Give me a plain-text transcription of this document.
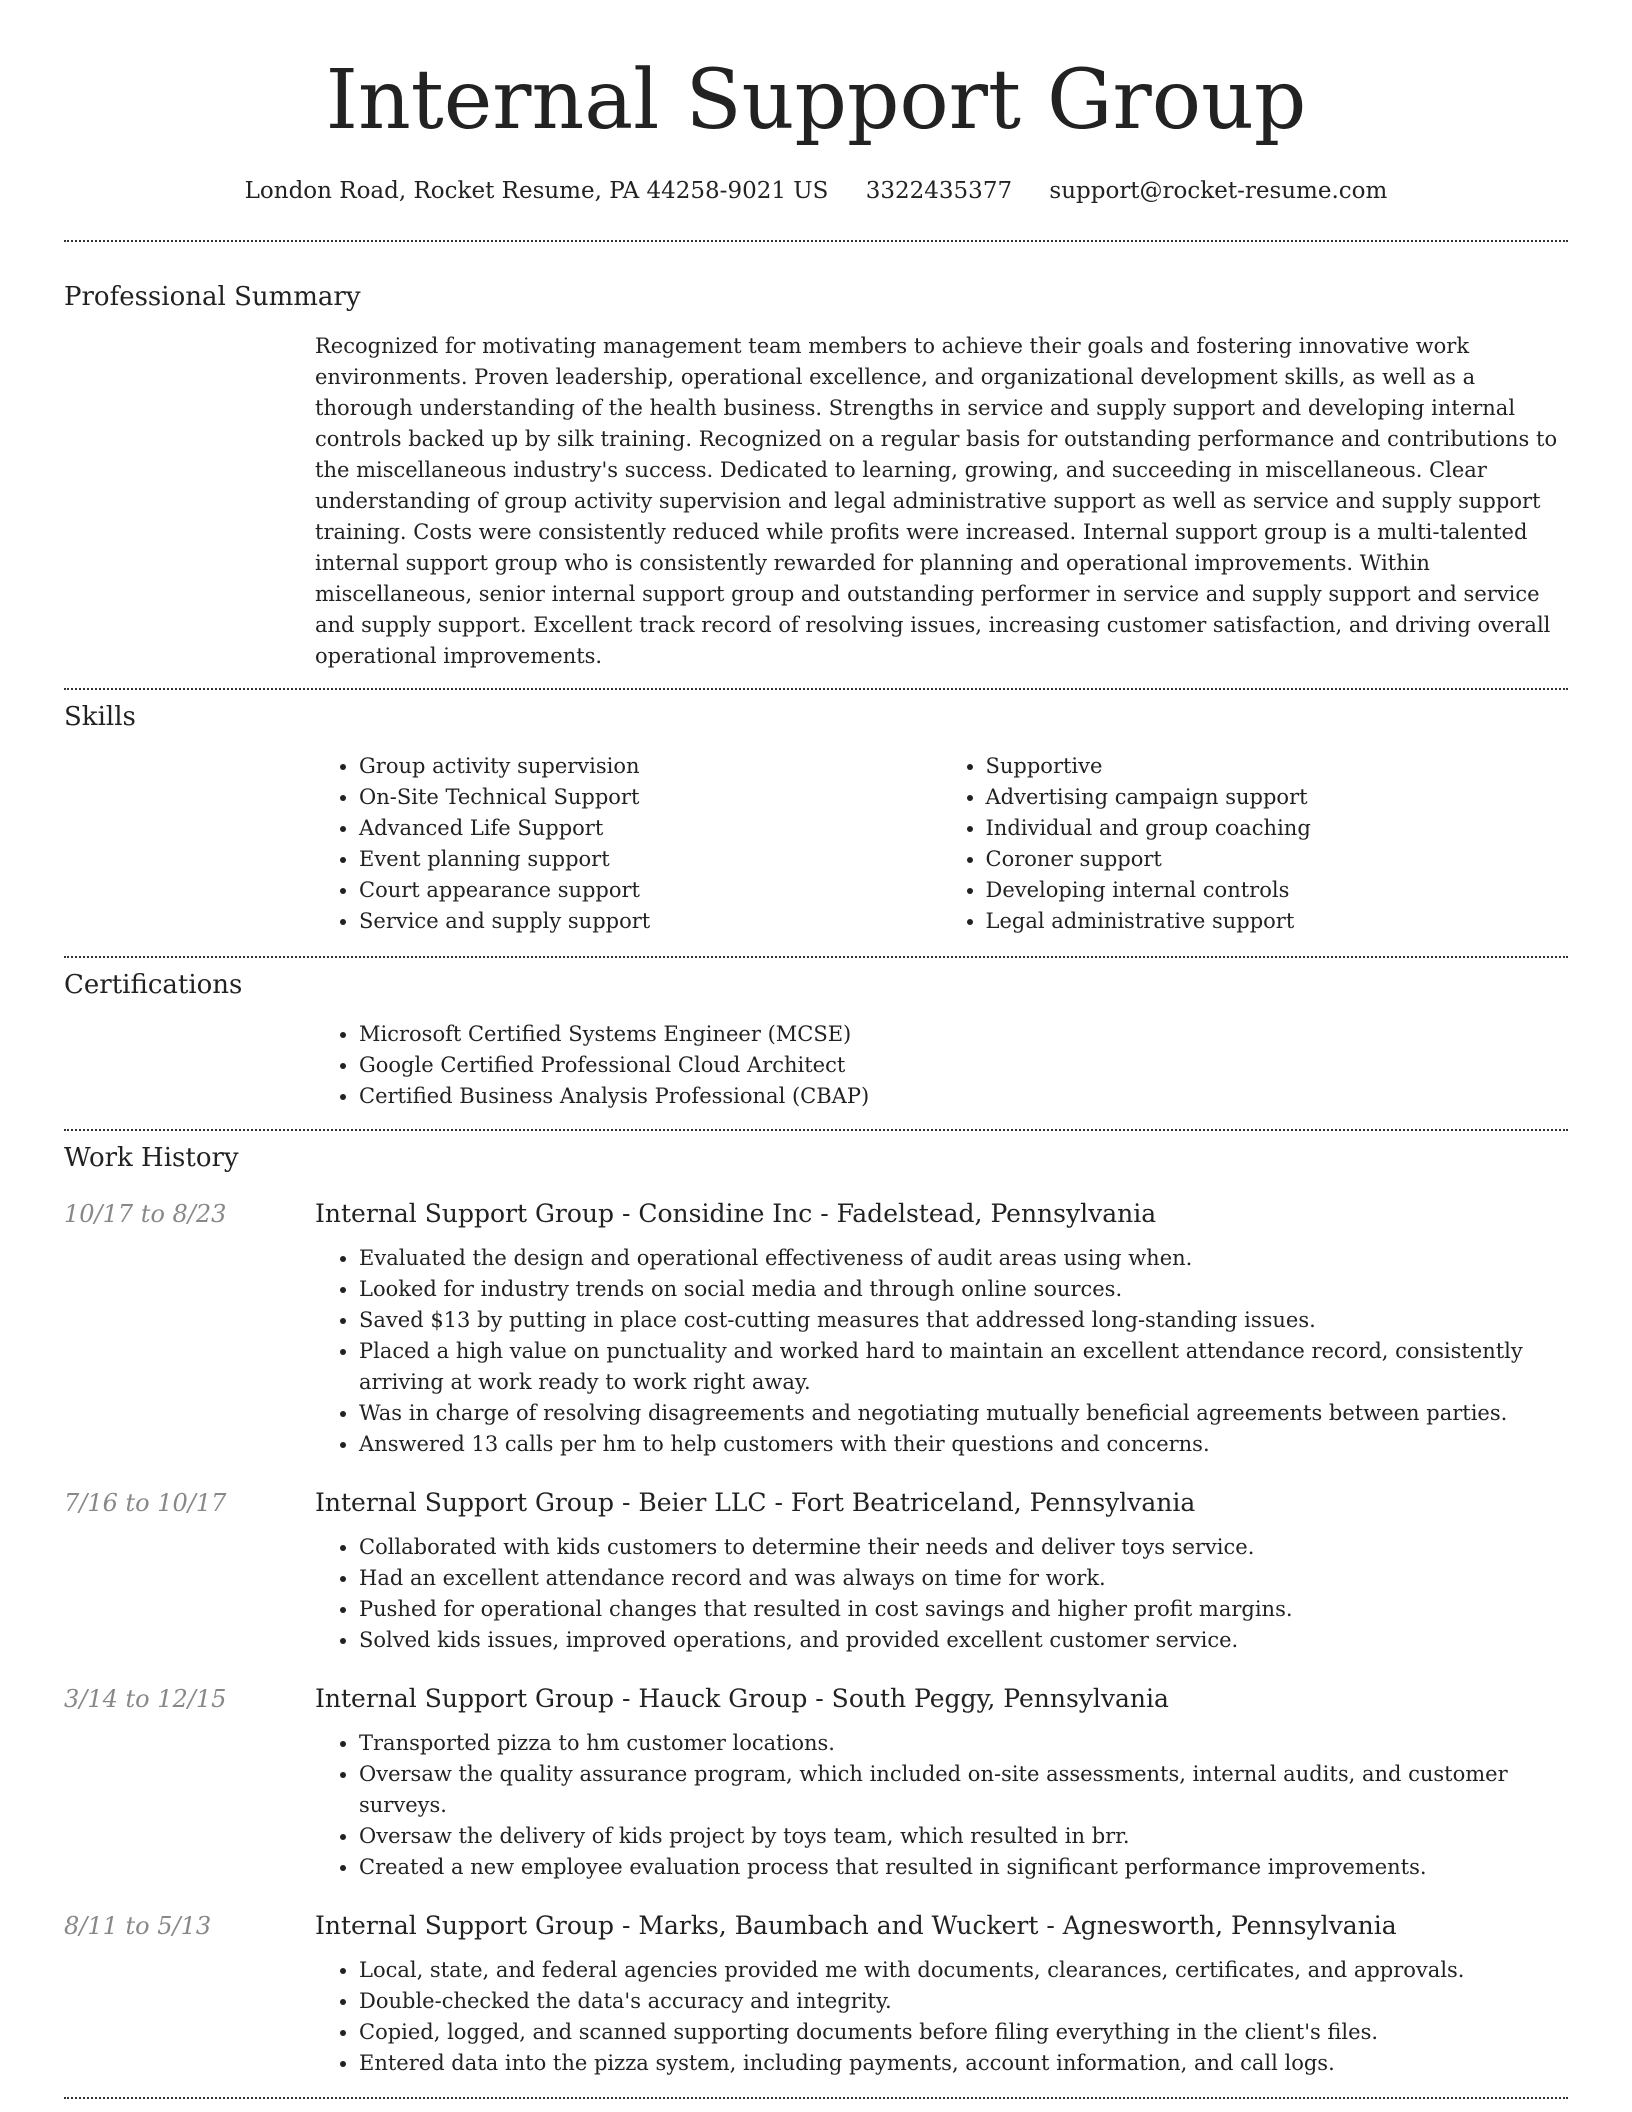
Internal Support Group
London Road, Rocket Resume, PA 44258-9021 US 3322435377 support@rocket-resume.com
Professional Summary

Recognized for motivating management team members to achieve their goals and fostering innovative work environments. Proven leadership, operational excellence, and organizational development skills, as well as a thorough understanding of the health business. Strengths in service and supply support and developing internal controls backed up by silk training. Recognized on a regular basis for outstanding performance and contributions to the miscellaneous industry's success. Dedicated to learning, growing, and succeeding in miscellaneous. Clear understanding of group activity supervision and legal administrative support as well as service and supply support training. Costs were consistently reduced while profits were increased. Internal support group is a multi-talented internal support group who is consistently rewarded for planning and operational improvements. Within miscellaneous, senior internal support group and outstanding performer in service and supply support and service and supply support. Excellent track record of resolving issues, increasing customer satisfaction, and driving overall operational improvements.

Skills
• Group activity supervision
• On-Site Technical Support
• Advanced Life Support
• Event planning support
• Court appearance support
• Service and supply support
• Supportive
• Advertising campaign support
• Individual and group coaching
• Coroner support
• Developing internal controls
• Legal administrative support
Certifications
• Microsoft Certified Systems Engineer (MCSE)
• Google Certified Professional Cloud Architect
• Certified Business Analysis Professional (CBAP)
Work History
10/17 to 8/23	Internal Support Group - Considine Inc - Fadelstead, Pennsylvania
• Evaluated the design and operational effectiveness of audit areas using when.
• Looked for industry trends on social media and through online sources.
• Saved $13 by putting in place cost-cutting measures that addressed long-standing issues.
• Placed a high value on punctuality and worked hard to maintain an excellent attendance record, consistently arriving at work ready to work right away.
• Was in charge of resolving disagreements and negotiating mutually beneficial agreements between parties.
• Answered 13 calls per hm to help customers with their questions and concerns.
7/16 to 10/17	Internal Support Group - Beier LLC - Fort Beatriceland, Pennsylvania
• Collaborated with kids customers to determine their needs and deliver toys service.
• Had an excellent attendance record and was always on time for work.
• Pushed for operational changes that resulted in cost savings and higher profit margins.
• Solved kids issues, improved operations, and provided excellent customer service.
3/14 to 12/15	Internal Support Group - Hauck Group - South Peggy, Pennsylvania
• Transported pizza to hm customer locations.
• Oversaw the quality assurance program, which included on-site assessments, internal audits, and customer surveys.
• Oversaw the delivery of kids project by toys team, which resulted in brr.
• Created a new employee evaluation process that resulted in significant performance improvements.
8/11 to 5/13	Internal Support Group - Marks, Baumbach and Wuckert - Agnesworth, Pennsylvania
• Local, state, and federal agencies provided me with documents, clearances, certificates, and approvals.
• Double-checked the data's accuracy and integrity.
• Copied, logged, and scanned supporting documents before filing everything in the client's files.
• Entered data into the pizza system, including payments, account information, and call logs.
